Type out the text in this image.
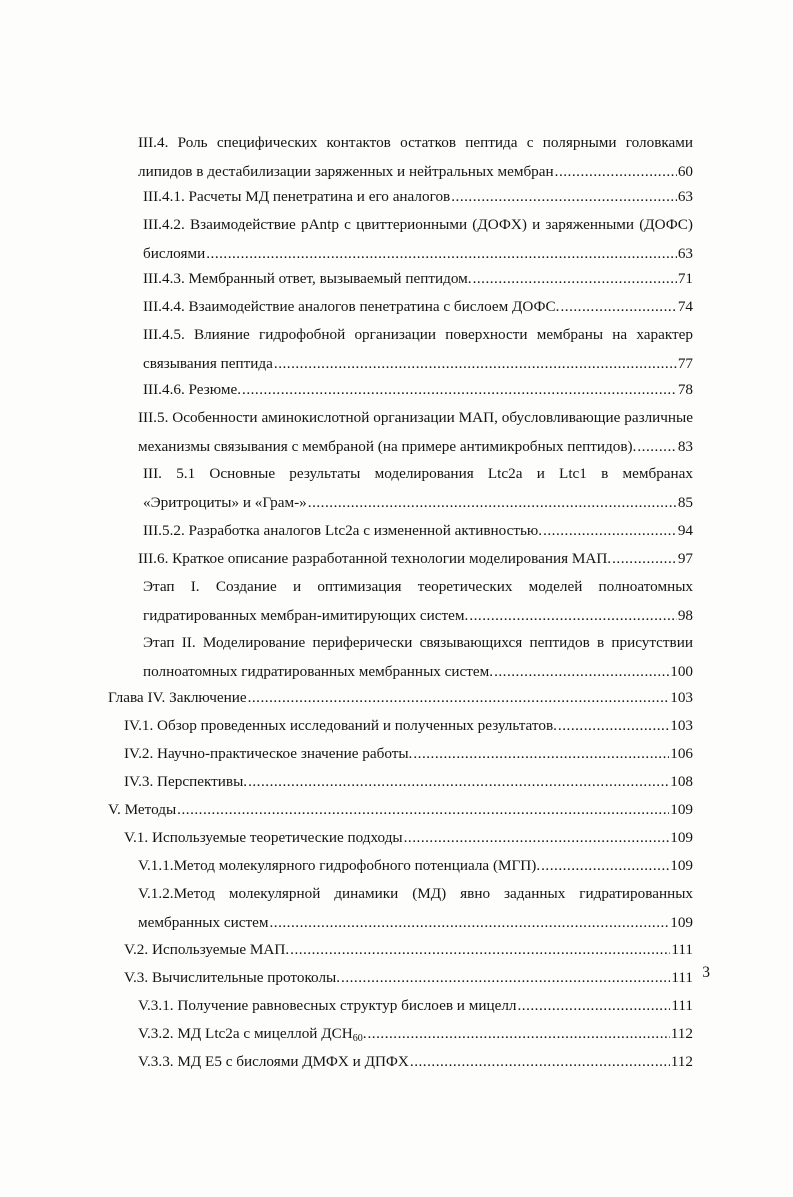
III.4. Роль специфических контактов остатков пептида с полярными головками
липидов в дестабилизации заряженных и нейтральных мембран .....	60
III.4.1. Расчеты МД пенетратина и его аналогов .....	63
III.4.2. Взаимодействие pAntp с цвиттерионными (ДОФХ) и заряженными (ДОФС)
бислоями .....	63
III.4.3. Мембранный ответ, вызываемый пептидом. .....	71
III.4.4. Взаимодействие аналогов пенетратина с бислоем ДОФС. .....	74
III.4.5. Влияние гидрофобной организации поверхности мембраны на характер
связывания пептида .....	77
III.4.6. Резюме. .....	78
III.5. Особенности аминокислотной организации МАП, обусловливающие различные
механизмы связывания с мембраной (на примере антимикробных пептидов). .....	83
III. 5.1 Основные результаты моделирования Ltc2a и Ltc1 в мембранах
«Эритроциты» и «Грам-» .....	85
III.5.2. Разработка аналогов Ltc2a с измененной активностью. .....	94
III.6. Краткое описание разработанной технологии моделирования МАП. .....	97
Этап I. Создание и оптимизация теоретических моделей полноатомных
гидратированных мембран-имитирующих систем. .....	98
Этап II. Моделирование периферически связывающихся пептидов в присутствии
полноатомных гидратированных мембранных систем. .....	100
Глава IV. Заключение .....	103
IV.1. Обзор проведенных исследований и полученных результатов. .....	103
IV.2. Научно-практическое значение работы. .....	106
IV.3. Перспективы. .....	108
V. Методы .....	109
V.1. Используемые теоретические подходы .....	109
V.1.1.Метод молекулярного гидрофобного потенциала (МГП). .....	109
V.1.2.Метод молекулярной динамики (МД) явно заданных гидратированных
мембранных систем .....	109
V.2. Используемые МАП. .....	111
V.3. Вычислительные протоколы. .....	111
V.3.1. Получение равновесных структур бислоев и мицелл .....	111
V.3.2. МД Ltc2a с мицеллой $ДСН_{60}$. .....	112
V.3.3. МД Е5 с бислоями ДМФХ и ДПФХ .....	112
3
